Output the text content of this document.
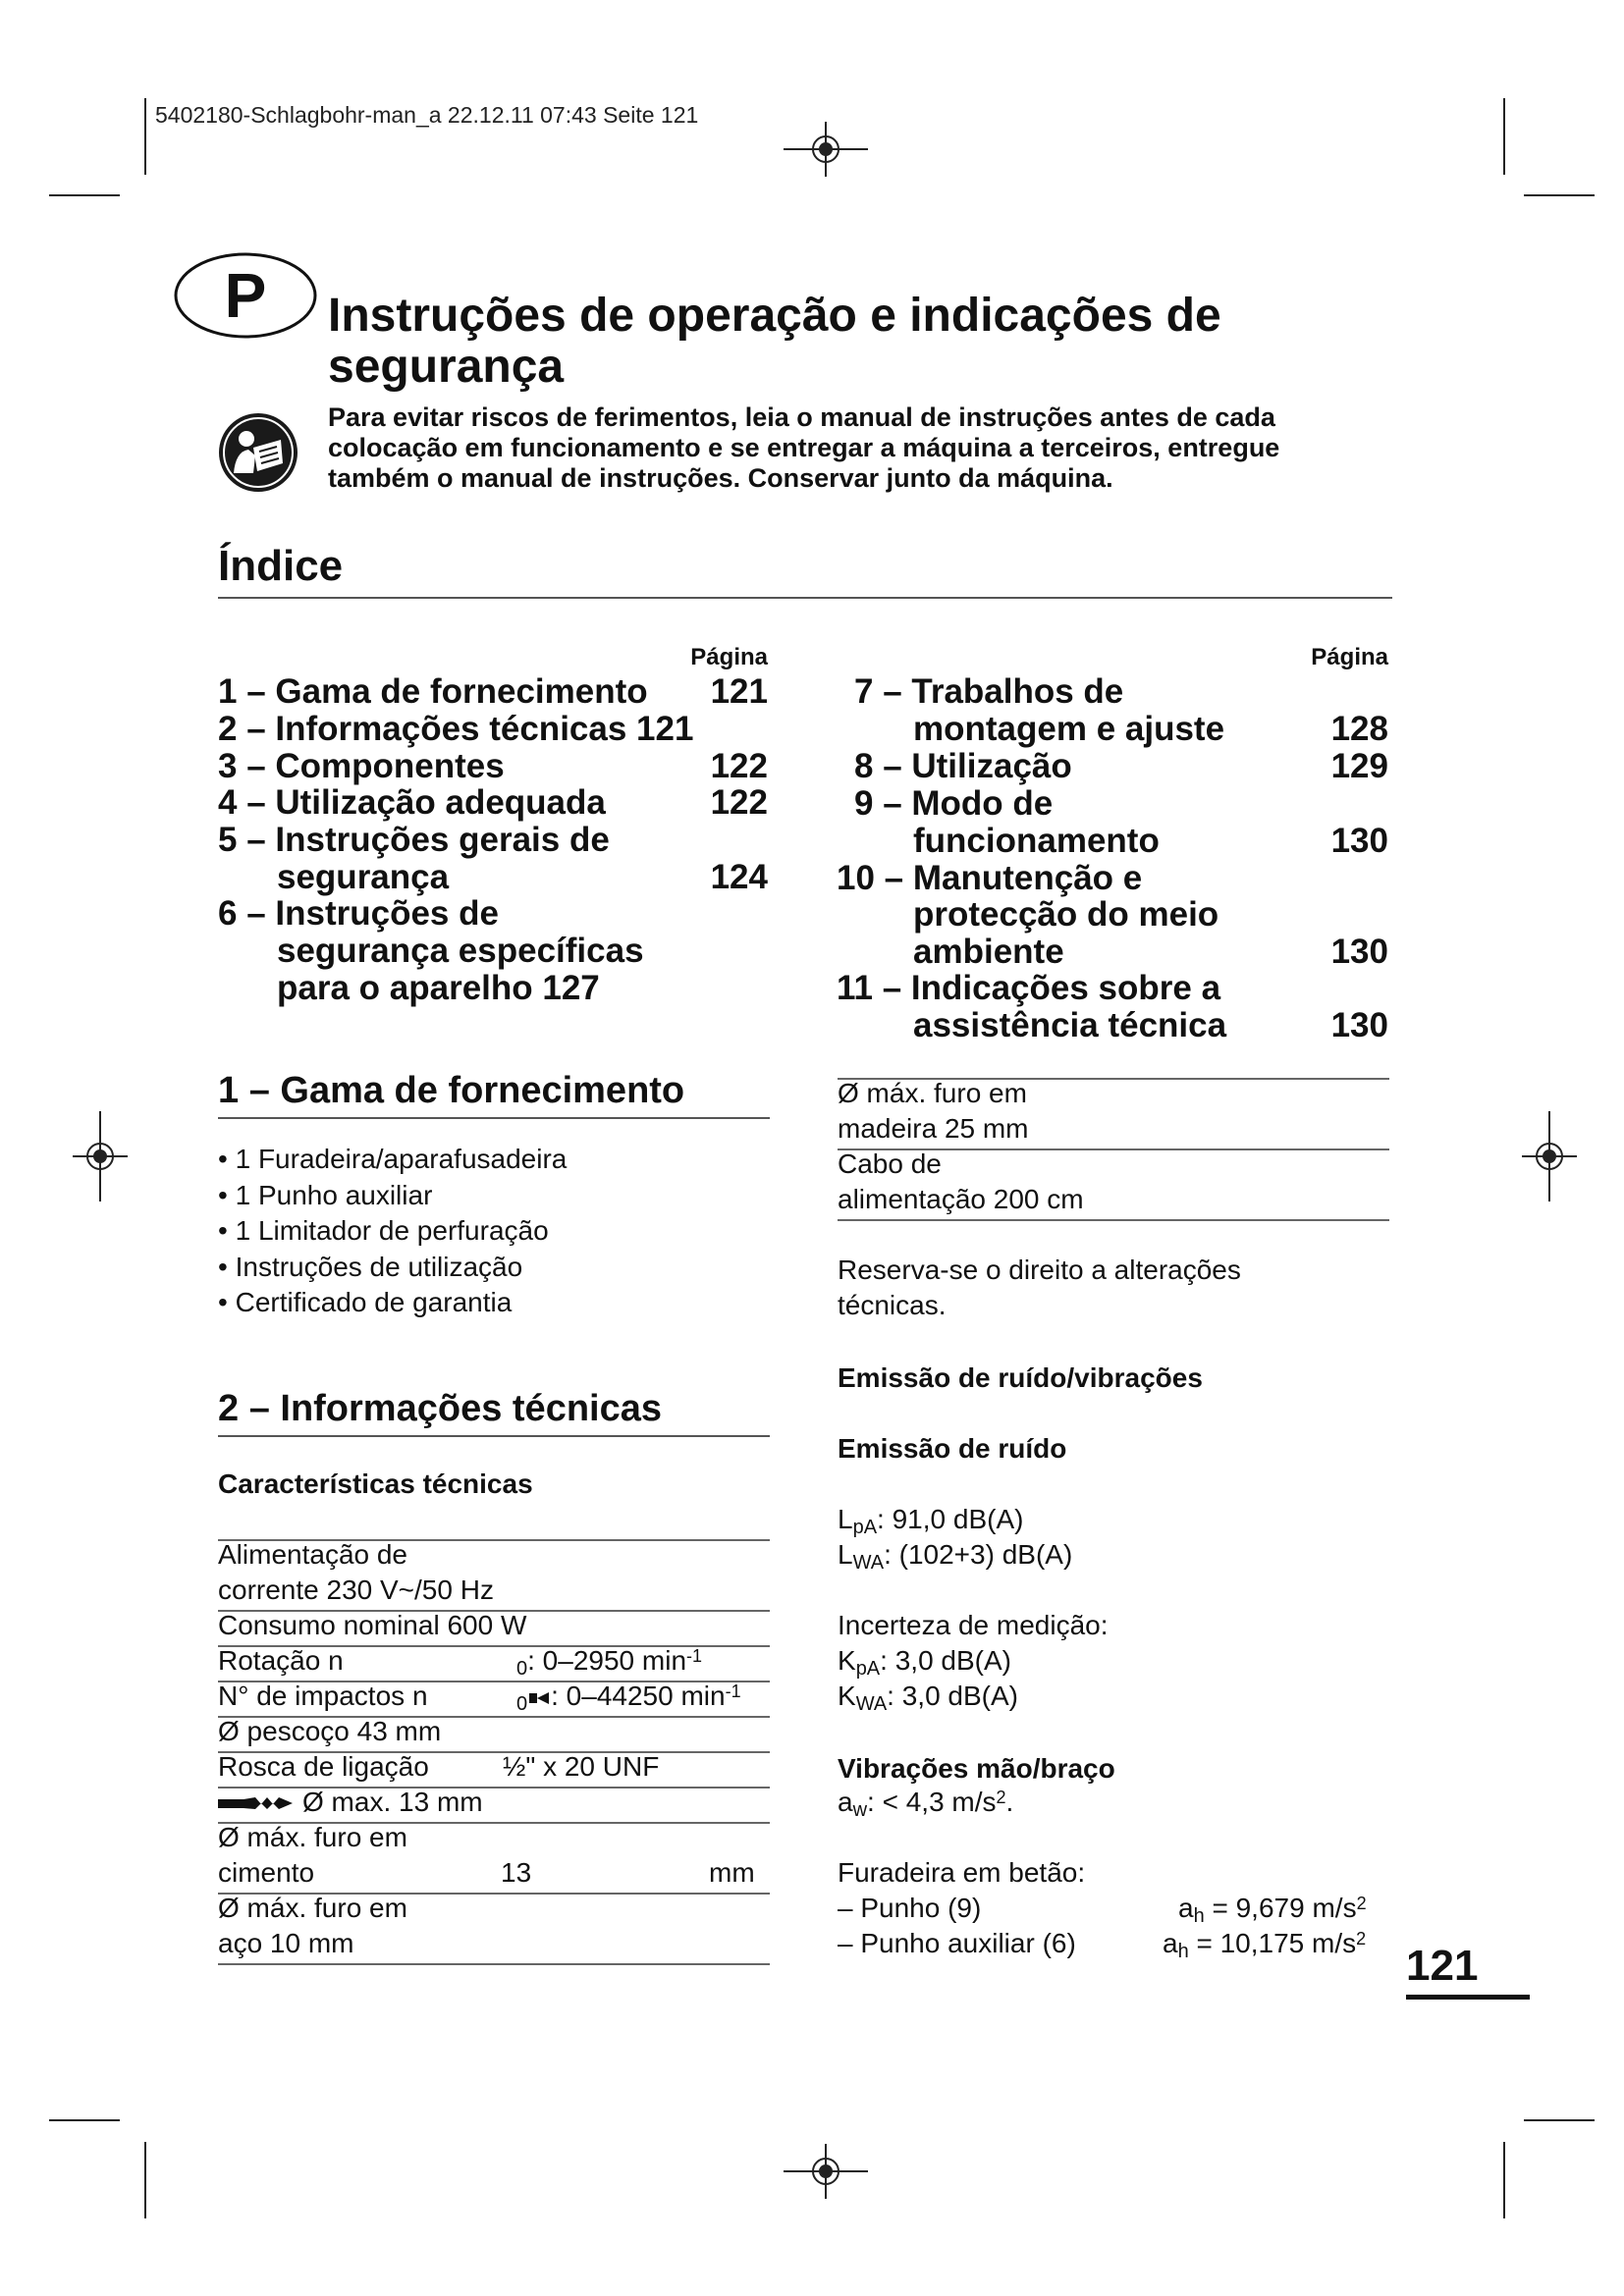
5402180-Schlagbohr-man_a 22.12.11 07:43 Seite 121
P	Instruções de operação e indicações de
segurança
Para evitar riscos de ferimentos, leia o manual de instruções antes de cada
colocação em funcionamento e se entregar a máquina a terceiros, entregue
também o manual de instruções. Conservar junto da máquina.
Índice
Página	Página
1 – Gama de fornecimento	121
2 – Informações técnicas 121
3 – Componentes	122
4 – Utilização adequada	122
5 – Instruções gerais de
segurança	124
6 – Instruções de
segurança específicas
para o aparelho 127
7 – Trabalhos de
montagem e ajuste	128
8 – Utilização	129
9 – Modo de
funcionamento	130
10 – Manutenção e
protecção do meio
ambiente	130
11 – Indicações sobre a
assistência técnica	130
1 – Gama de fornecimento
• 1 Furadeira/aparafusadeira
• 1 Punho auxiliar
• 1 Limitador de perfuração
• Instruções de utilização
• Certificado de garantia
2 – Informações técnicas
Características técnicas
Alimentação de
corrente 230 V~/50 Hz
Consumo nominal 600 W
Rotação n	$_0$: 0–2950 $\min^{-1}$
N° de impactos n	$_0$ : 0–44250 $\min^{-1}$
Ø pescoço 43 mm
Rosca de ligação	½" x 20 UNF
Ø max. 13 mm
Ø máx. furo em
cimento	13	mm
Ø máx. furo em
aço 10 mm
Ø máx. furo em
madeira 25 mm
Cabo de
alimentação 200 cm
Reserva-se o direito a alterações
técnicas.
Emissão de ruído/vibrações
Emissão de ruído
$L_{pA}$: 91,0 dB(A)
$L_{WA}$: (102+3) dB(A)
Incerteza de medição:
$K_{pA}$: 3,0 dB(A)
$K_{WA}$: 3,0 dB(A)
Vibrações mão/braço
$a_w$: < 4,3 $m/s^2$.
Furadeira em betão:
– Punho (9)	$a_h = 9,679$ $m/s^2$
– Punho auxiliar (6)	$a_h = 10,175$ $m/s^2$
121
